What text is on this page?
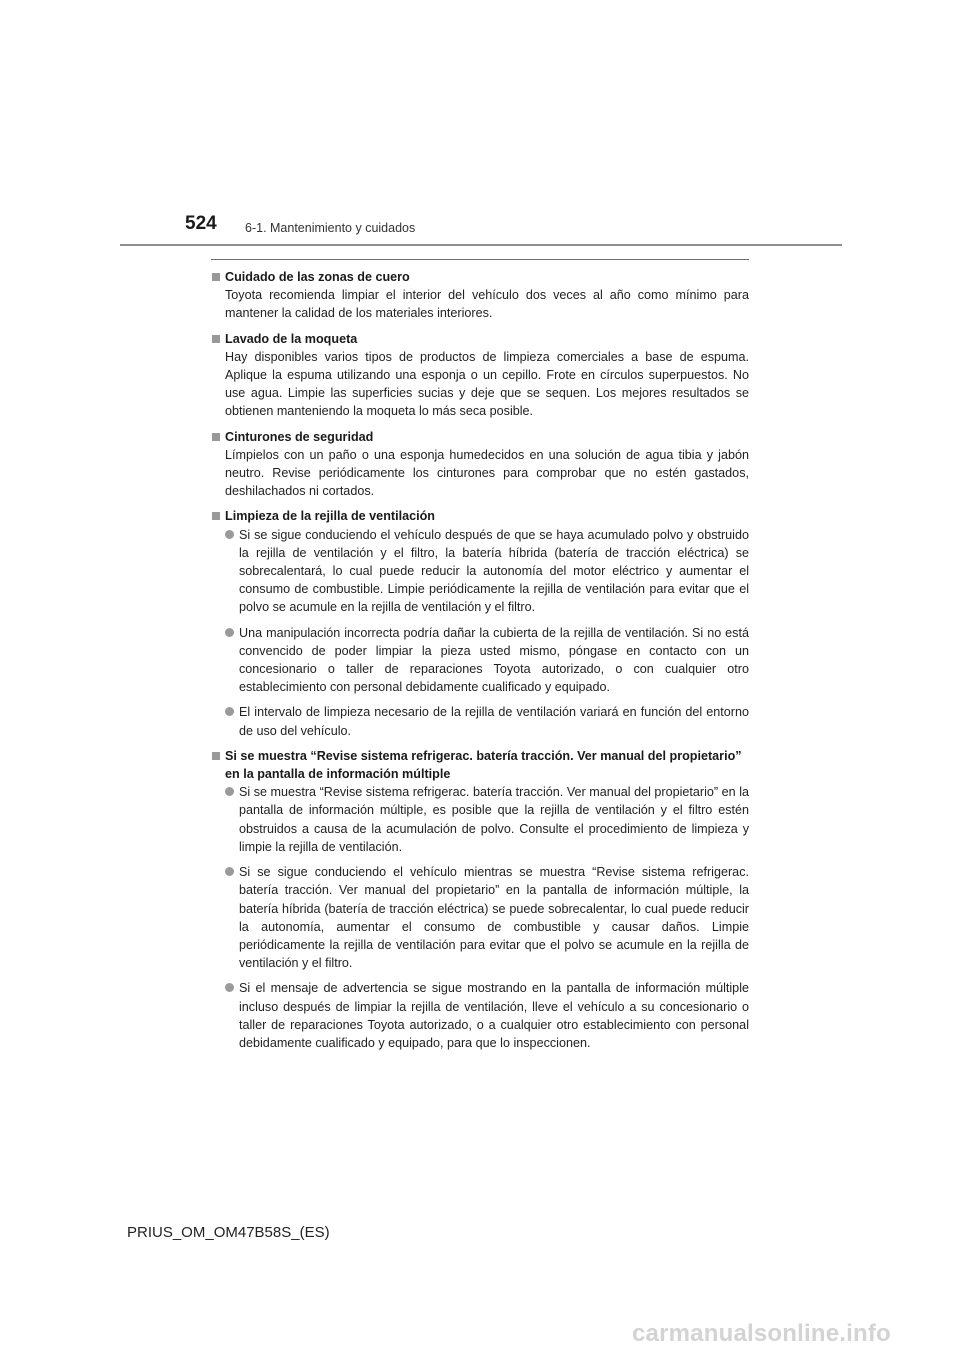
524 6-1. Mantenimiento y cuidados
Cuidado de las zonas de cuero

Toyota recomienda limpiar el interior del vehículo dos veces al año como mínimo para mantener la calidad de los materiales interiores.

Lavado de la moqueta

Hay disponibles varios tipos de productos de limpieza comerciales a base de espuma. Aplique la espuma utilizando una esponja o un cepillo. Frote en círculos superpuestos. No use agua. Limpie las superficies sucias y deje que se sequen. Los mejores resultados se obtienen manteniendo la moqueta lo más seca posible.

Cinturones de seguridad

Límpielos con un paño o una esponja humedecidos en una solución de agua tibia y jabón neutro. Revise periódicamente los cinturones para comprobar que no estén gastados, deshilachados ni cortados.

Limpieza de la rejilla de ventilación
Si se sigue conduciendo el vehículo después de que se haya acumulado polvo y obstruido la rejilla de ventilación y el filtro, la batería híbrida (batería de tracción eléctrica) se sobrecalentará, lo cual puede reducir la autonomía del motor eléctrico y aumentar el consumo de combustible. Limpie periódicamente la rejilla de ventilación para evitar que el polvo se acumule en la rejilla de ventilación y el filtro.
Una manipulación incorrecta podría dañar la cubierta de la rejilla de ventilación. Si no está convencido de poder limpiar la pieza usted mismo, póngase en contacto con un concesionario o taller de reparaciones Toyota autorizado, o con cualquier otro establecimiento con personal debidamente cualificado y equipado.
El intervalo de limpieza necesario de la rejilla de ventilación variará en función del entorno de uso del vehículo.
Si se muestra “Revise sistema refrigerac. batería tracción. Ver manual del propietario” en la pantalla de información múltiple
Si se muestra “Revise sistema refrigerac. batería tracción. Ver manual del propietario” en la pantalla de información múltiple, es posible que la rejilla de ventilación y el filtro estén obstruidos a causa de la acumulación de polvo. Consulte el procedimiento de limpieza y limpie la rejilla de ventilación.
Si se sigue conduciendo el vehículo mientras se muestra “Revise sistema refrigerac. batería tracción. Ver manual del propietario” en la pantalla de información múltiple, la batería híbrida (batería de tracción eléctrica) se puede sobrecalentar, lo cual puede reducir la autonomía, aumentar el consumo de combustible y causar daños. Limpie periódicamente la rejilla de ventilación para evitar que el polvo se acumule en la rejilla de ventilación y el filtro.
Si el mensaje de advertencia se sigue mostrando en la pantalla de información múltiple incluso después de limpiar la rejilla de ventilación, lleve el vehículo a su concesionario o taller de reparaciones Toyota autorizado, o a cualquier otro establecimiento con personal debidamente cualificado y equipado, para que lo inspeccionen.
PRIUS_OM_OM47B58S_(ES)
carmanualsonline.info
